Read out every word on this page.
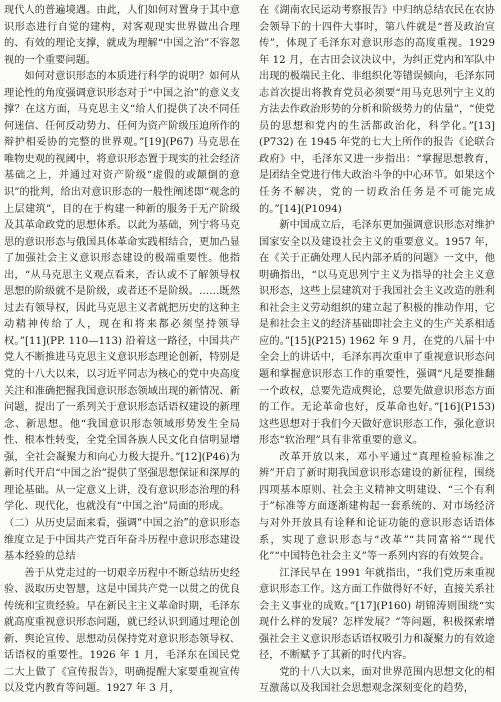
现代人的普遍境遇。由此，人们如何对置身于其中意识形态进行自觉的建构，对客观现实世界做出合理的、有效的理论支撑，就成为理解“中国之治”不容忽视的一个重要问题。

如何对意识形态的本质进行科学的说明？如何从理论性的角度强调意识形态对于“中国之治”的意义支撑？在这方面，马克思主义“给人们提供了决不同任何迷信、任何反动势力、任何为资产阶级压迫所作的辩护相妥协的完整的世界观。”[19](P67) 马克思在唯物史观的视阈中，将意识形态置于现实的社会经济基础之上，并通过对资产阶级“虚假的或颠倒的意识”的批判，给出对意识形态的一般性阐述即“观念的上层建筑”，目的在于构建一种新的服务于无产阶级及其革命政党的思想体系。以此为基础，列宁将马克思的意识形态与俄国具体革命实践相结合，更加凸显了加强社会主义意识形态建设的极端重要性。他指出，“从马克思主义观点看来，否认或不了解领导权思想的阶级就不是阶级，或者还不是阶级。……既然过去有领导权，因此马克思主义者就把历史的这种主动精神传给了人，现在和将来都必须坚持领导权。”[11](PP. 110—113) 沿着这一路径，中国共产党人不断推进马克思主义意识形态理论创新，特别是党的十八大以来，以习近平同志为核心的党中央高度关注和准确把握我国意识形态领域出现的新情况、新问题，提出了一系列关于意识形态话语权建设的新理念、新思想。他“我国意识形态领域形势发生全局性、根本性转变，全党全国各族人民文化自信明显增强，全社会凝聚力和向心力极大提升。”[12](P46)为新时代开启“中国之治”提供了坚强思想保证和深厚的理论基础。从一定意义上讲，没有意识形态治理的科学化、现代化，也就没有“中国之治”局面的形成。

（二）从历史层面来看，强调“中国之治”的意识形态维度立足于中国共产党百年奋斗历程中意识形态建设基本经验的总结

善于从党走过的一切艰辛历程中不断总结历史经验、汲取历史智慧，这是中国共产党一以贯之的优良传统和宝贵经验。早在新民主主义革命时期，毛泽东就高度重视意识形态问题，就已经认识到通过理论创新、舆论宣传、思想动员保持党对意识形态领导权、话语权的重要性。1926 年 1 月，毛泽东在国民党二大上做了《宣传报告》，明确提醒大家要重视宣传以及党内教育等问题。1927 年 3 月，

在《湖南农民运动考察报告》中归纳总结农民在农协会领导下的十四件大事时，第八件就是“普及政治宣传”，体现了毛泽东对意识形态的高度重视。1929 年 12 月，在古田会议决议中，为纠正党内和军队中出现的极端民主化、非组织化等错误倾向，毛泽东同志首次提出将教育党员必须要“用马克思列宁主义的方法去作政治形势的分析和阶级势力的估量”，“使党员的思想和党内的生活都政治化，科学化。”[13](P732) 在 1945 年党的七大上所作的报告《论联合政府》中，毛泽东又进一步指出：“掌握思想教育，是团结全党进行伟大政治斗争的中心环节。如果这个任务不解决，党的一切政治任务是不可能完成的。”[14](P1094)

新中国成立后，毛泽东更加强调意识形态对维护国家安全以及建设社会主义的重要意义。1957 年，在《关于正确处理人民内部矛盾的问题》一文中，他明确指出，“以马克思列宁主义为指导的社会主义意识形态，这些上层建筑对于我国社会主义改造的胜利和社会主义劳动组织的建立起了积极的推动作用，它是和社会主义的经济基础即社会主义的生产关系相适应的。”[15](P215) 1962 年 9 月，在党的八届十中全会上的讲话中，毛泽东再次重申了重视意识形态问题和掌握意识形态工作的重要性，强调“凡是要推翻一个政权，总要先造成舆论，总要先做意识形态方面的工作。无论革命也好，反革命也好。”[16](P153) 这些思想对于我们今天做好意识形态工作，强化意识形态“软治理”具有非常重要的意义。

改革开放以来，邓小平通过“真理检验标准之辨”开启了新时期我国意识形态建设的新征程，围绕四项基本原则、社会主义精神文明建设、“三个有利于”标准等方面逐渐建构起一套系统的、对市场经济与对外开放具有诠释和论证功能的意识形态话语体系，实现了意识形态与“改革”“共同富裕”“现代化”“中国特色社会主义”等一系列内容的有效契合。

江泽民早在 1991 年就指出，“我们党历来重视意识形态工作。这方面工作做得好不好，直接关系社会主义事业的成败。”[17](P160) 胡锦涛则围绕“实现什么样的发展？怎样发展？”等问题，积极探索增强社会主义意识形态话语权吸引力和凝聚力的有效途径，不断赋予了其新的时代内容。

党的十八大以来，面对世界范围内思想文化的相互激荡以及我国社会思想观念深刻变化的趋势，
